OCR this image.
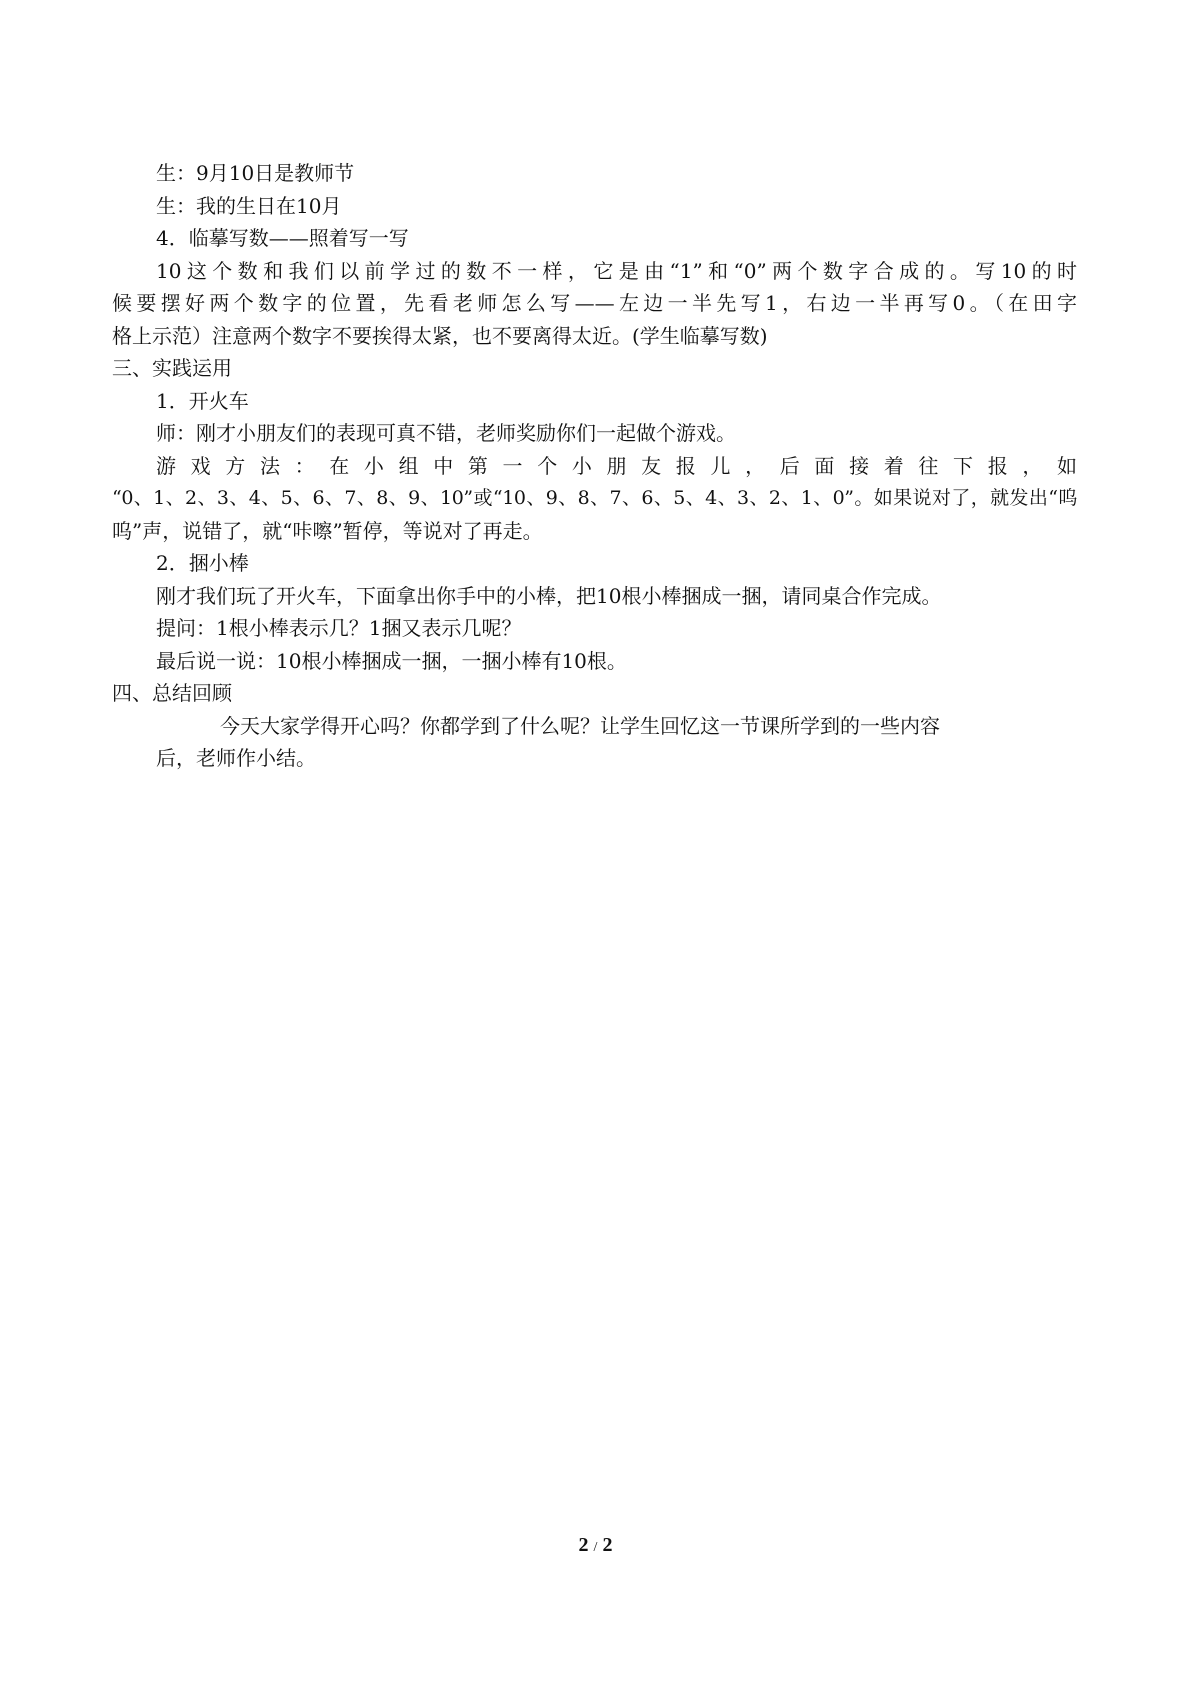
生：9月10日是教师节
生：我的生日在10月
4．临摹写数——照着写一写
10这个数和我们以前学过的数不一样，它是由“1”和“0”两个数字合成的。写10的时
候要摆好两个数字的位置，先看老师怎么写——左边一半先写1，右边一半再写0。（在田字
格上示范）注意两个数字不要挨得太紧，也不要离得太近。(学生临摹写数)
三、实践运用
1．开火车
师：刚才小朋友们的表现可真不错，老师奖励你们一起做个游戏。
游 戏 方 法 ： 在 小 组 中 第 一 个 小 朋 友 报 儿 ， 后 面 接 着 往 下 报 ， 如
“0、1、2、3、4、5、6、7、8、9、10”或“10、9、8、7、6、5、4、3、2、1、0”。如果说对了，就发出“呜
呜”声，说错了，就“咔嚓”暂停，等说对了再走。
2．捆小棒
刚才我们玩了开火车，下面拿出你手中的小棒，把10根小棒捆成一捆，请同桌合作完成。
提问：1根小棒表示几？1捆又表示几呢？
最后说一说：10根小棒捆成一捆，一捆小棒有10根。
四、总结回顾
今天大家学得开心吗？你都学到了什么呢？让学生回忆这一节课所学到的一些内容
后，老师作小结。
2 / 2
